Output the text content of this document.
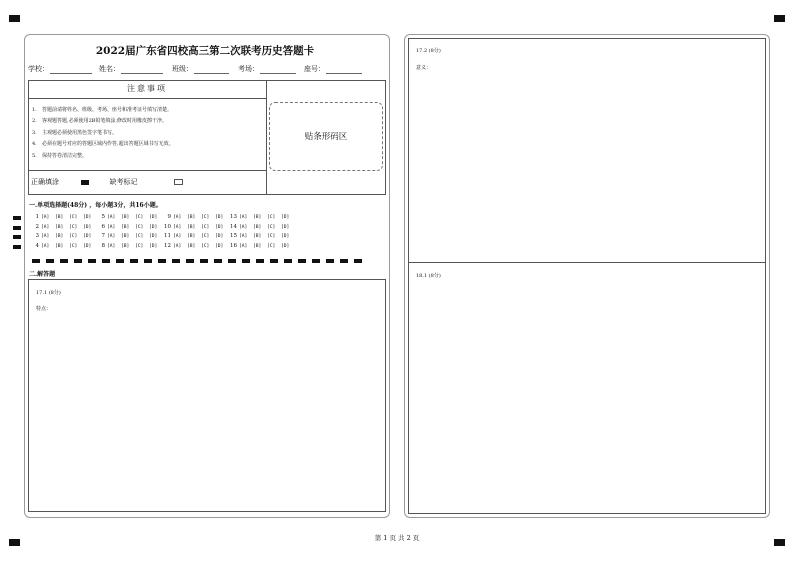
2022届广东省四校高三第二次联考历史答题卡
学校：	姓名：	班级：	考场：	座号：
注意事项
1. 答题前请将姓名、班级、考场、座号和准考证号填写清楚。
2. 客观题答题,必须使用2B铅笔填涂,修改时用橡皮擦干净。
3. 主观题必须使用黑色签字笔书写。
4. 必须在题号对应的答题区域内作答,超出答题区域书写无效。
5. 保持答卷清洁完整。
正确填涂	缺考标记
贴条形码区
一.单项选择题(48分) ，每小题3分，共16小题。
1 [A] [B] [C] [D]
2 [A] [B] [C] [D]
3 [A] [B] [C] [D]
4 [A] [B] [C] [D]
5 [A] [B] [C] [D]
6 [A] [B] [C] [D]
7 [A] [B] [C] [D]
8 [A] [B] [C] [D]
9 [A] [B] [C] [D]
10 [A] [B] [C] [D]
11 [A] [B] [C] [D]
12 [A] [B] [C] [D]
13 [A] [B] [C] [D]
14 [A] [B] [C] [D]
15 [A] [B] [C] [D]
16 [A] [B] [C] [D]
二.解答题
17.1 (8分)
特点：
17.2 (8分)
意义：
18.1 (8分)
第 1 页 共 2 页
